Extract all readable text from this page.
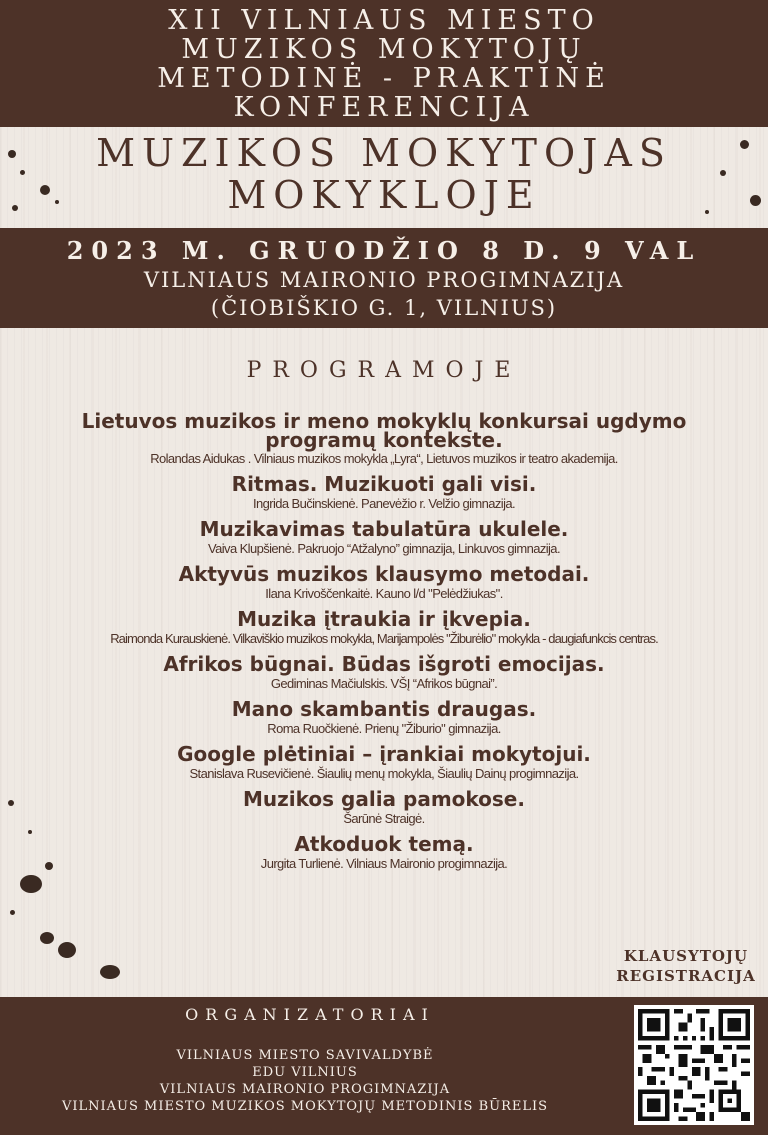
XII VILNIAUS MIESTO
MUZIKOS MOKYTOJŲ
METODINĖ - PRAKTINĖ
KONFERENCIJA
MUZIKOS MOKYTOJAS
MOKYKLOJE
2023 M. GRUODŽIO 8 D. 9 VAL
VILNIAUS MAIRONIO PROGIMNAZIJA
(ČIOBIŠKIO G. 1, VILNIUS)
PROGRAMOJE
Lietuvos muzikos ir meno mokyklų konkursai ugdymo programų kontekste.
Rolandas Aidukas . Vilniaus muzikos mokykla „Lyra“, Lietuvos muzikos ir teatro akademija.
Ritmas. Muzikuoti gali visi.
Ingrida Bučinskienė. Panevėžio r. Velžio gimnazija.
Muzikavimas tabulatūra ukulele.
Vaiva Klupšienė. Pakruojo “Atžalyno” gimnazija, Linkuvos gimnazija.
Aktyvūs muzikos klausymo metodai.
Ilana Krivoščenkaitė. Kauno l/d "Pelėdžiukas".
Muzika įtraukia ir įkvepia.
Raimonda Kurauskienė. Vilkaviškio muzikos mokykla, Marijampolės "Žiburėlio" mokykla - daugiafunkcis centras.
Afrikos būgnai. Būdas išgroti emocijas.
Gediminas Mačiulskis. VŠĮ “Afrikos būgnai”.
Mano skambantis draugas.
Roma Ruočkienė. Prienų "Žiburio" gimnazija.
Google plėtiniai – įrankiai mokytojui.
Stanislava Rusevičienė. Šiaulių menų mokykla, Šiaulių Dainų progimnazija.
Muzikos galia pamokose.
Šarūnė Straigė.
Atkoduok temą.
Jurgita Turlienė. Vilniaus Maironio progimnazija.
KLAUSYTOJŲ
REGISTRACIJA
ORGANIZATORIAI
VILNIAUS MIESTO SAVIVALDYBĖ
EDU VILNIUS
VILNIAUS MAIRONIO PROGIMNAZIJA
VILNIAUS MIESTO MUZIKOS MOKYTOJŲ METODINIS BŪRELIS
